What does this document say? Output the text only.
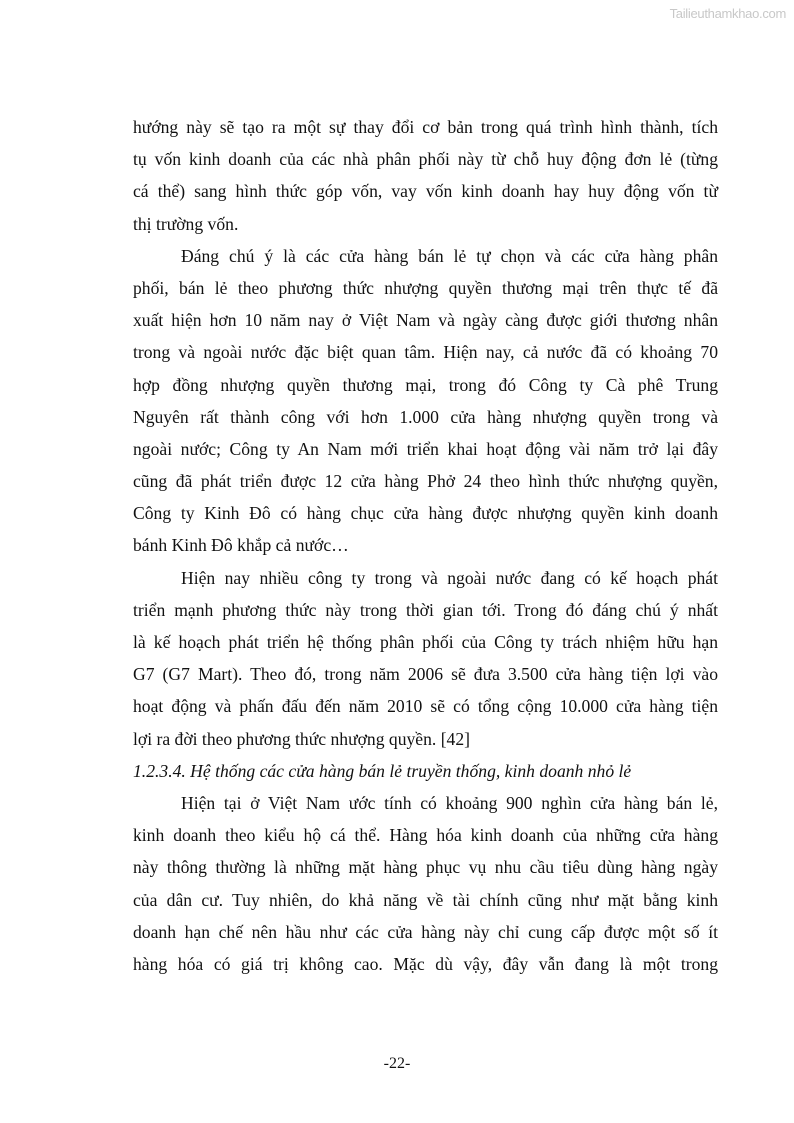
Tailieuthamkhao.com
hướng này sẽ tạo ra một sự thay đổi cơ bản trong quá trình hình thành, tích
tụ vốn kinh doanh của các nhà phân phối này từ chỗ huy động đơn lẻ (từng
cá thể) sang hình thức góp vốn, vay vốn kinh doanh hay huy động vốn từ
thị trường vốn.
Đáng chú ý là các cửa hàng bán lẻ tự chọn và các cửa hàng phân
phối, bán lẻ theo phương thức nhượng quyền thương mại trên thực tế đã
xuất hiện hơn 10 năm nay ở Việt Nam và ngày càng được giới thương nhân
trong và ngoài nước đặc biệt quan tâm. Hiện nay, cả nước đã có khoảng 70
hợp đồng nhượng quyền thương mại, trong đó Công ty Cà phê Trung
Nguyên rất thành công với hơn 1.000 cửa hàng nhượng quyền trong và
ngoài nước; Công ty An Nam mới triển khai hoạt động vài năm trở lại đây
cũng đã phát triển được 12 cửa hàng Phở 24 theo hình thức nhượng quyền,
Công ty Kinh Đô có hàng chục cửa hàng được nhượng quyền kinh doanh
bánh Kinh Đô khắp cả nước…
Hiện nay nhiều công ty trong và ngoài nước đang có kế hoạch phát
triển mạnh phương thức này trong thời gian tới. Trong đó đáng chú ý nhất
là kế hoạch phát triển hệ thống phân phối của Công ty trách nhiệm hữu hạn
G7 (G7 Mart). Theo đó, trong năm 2006 sẽ đưa 3.500 cửa hàng tiện lợi vào
hoạt động và phấn đấu đến năm 2010 sẽ có tổng cộng 10.000 cửa hàng tiện
lợi ra đời theo phương thức nhượng quyền. [42]
1.2.3.4. Hệ thống các cửa hàng bán lẻ truyền thống, kinh doanh nhỏ lẻ
Hiện tại ở Việt Nam ước tính có khoảng 900 nghìn cửa hàng bán lẻ,
kinh doanh theo kiểu hộ cá thể. Hàng hóa kinh doanh của những cửa hàng
này thông thường là những mặt hàng phục vụ nhu cầu tiêu dùng hàng ngày
của dân cư. Tuy nhiên, do khả năng về tài chính cũng như mặt bằng kinh
doanh hạn chế nên hầu như các cửa hàng này chỉ cung cấp được một số ít
hàng hóa có giá trị không cao. Mặc dù vậy, đây vẫn đang là một trong
-22-
